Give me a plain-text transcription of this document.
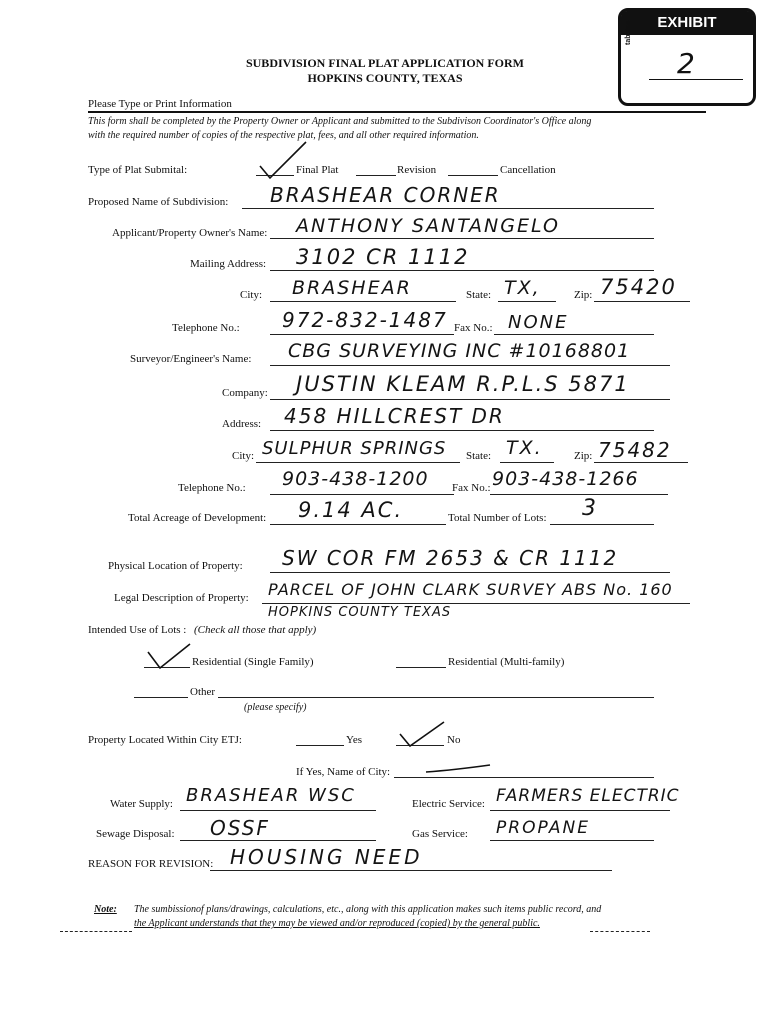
EXHIBIT
tabbies
2
SUBDIVISION FINAL PLAT APPLICATION FORM
HOPKINS COUNTY, TEXAS
Please Type or Print Information
This form shall be completed by the Property Owner or Applicant and submitted to the Subdivison Coordinator's Office along
with the required number of copies of the respective plat, fees, and all other required information.
Type of Plat Submital:	Final Plat	Revision	Cancellation
Proposed Name of Subdivision: BRASHEAR CORNER
Applicant/Property Owner's Name: ANTHONY SANTANGELO
Mailing Address: 3102 CR 1112
City: BRASHEAR	State: TX,	Zip: 75420
Telephone No.: 972-832-1487 Fax No.: NONE
Surveyor/Engineer's Name: CBG SURVEYING INC #10168801
Company: JUSTIN KLEAM R.P.L.S 5871
Address: 458 HILLCREST DR
City: SULPHUR SPRINGS State: TX.	Zip: 75482
Telephone No.: 903-438-1200 Fax No.: 903-438-1266
Total Acreage of Development: 9.14 AC.	Total Number of Lots: 3
Physical Location of Property: SW COR FM 2653 & CR 1112
Legal Description of Property: PARCEL OF JOHN CLARK SURVEY ABS No. 160
HOPKINS COUNTY TEXAS
Intended Use of Lots : (Check all those that apply)
Residential (Single Family)	Residential (Multi-family)
Other
(please specify)
Property Located Within City ETJ:	Yes	No
If Yes, Name of City:
Water Supply: BRASHEAR WSC	Electric Service: FARMERS ELECTRIC
Sewage Disposal: OSSF	Gas Service: PROPANE
REASON FOR REVISION: HOUSING NEED
Note: The sumbissionof plans/drawings, calculations, etc., along with this application makes such items public record, and
the Applicant understands that they may be viewed and/or reproduced (copied) by the general public.
